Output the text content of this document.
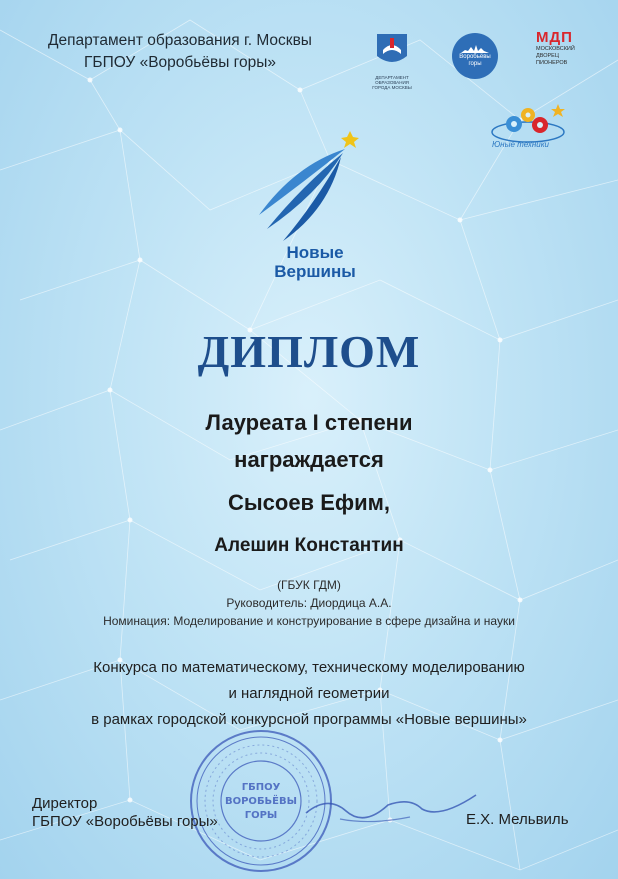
Департамент образования г. Москвы
ГБПОУ «Воробьёвы горы»
ДЕПАРТАМЕНТ
ОБРАЗОВАНИЯ
ГОРОДА МОСКВЫ
Воробьёвы
горы
МДП
МОСКОВСКИЙ
ДВОРЕЦ
ПИОНЕРОВ
Юные техники
Новые
Вершины
ДИПЛОМ
Лауреата I степени
награждается
Сысоев Ефим,
Алешин Константин
(ГБУК ГДМ)
Руководитель: Диордица А.А.
Номинация: Моделирование и конструирование в сфере дизайна и науки
Конкурса по математическому, техническому моделированию
и наглядной геометрии
в рамках городской конкурсной программы «Новые вершины»
ГБПОУ
ВОРОБЬЁВЫ
ГОРЫ
Директор
ГБПОУ «Воробьёвы горы»	Е.Х. Мельвиль
